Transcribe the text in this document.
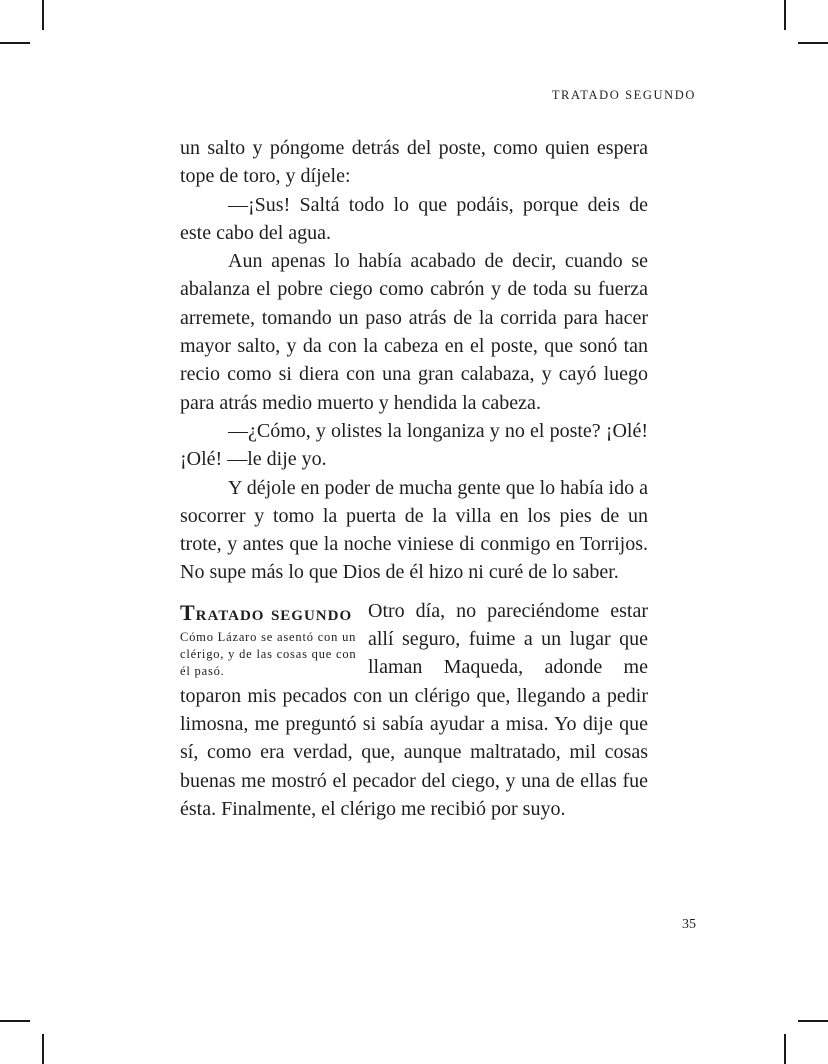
TRATADO SEGUNDO

un salto y póngome detrás del poste, como quien espera tope de toro, y díjele:

—¡Sus! Saltá todo lo que podáis, porque deis de este cabo del agua.

Aun apenas lo había acabado de decir, cuando se abalanza el pobre ciego como cabrón y de toda su fuerza arremete, tomando un paso atrás de la corrida para hacer mayor salto, y da con la cabeza en el poste, que sonó tan recio como si diera con una gran calabaza, y cayó luego para atrás medio muerto y hendida la cabeza.

—¿Cómo, y olistes la longaniza y no el poste? ¡Olé! ¡Olé! —le dije yo.

Y déjole en poder de mucha gente que lo había ido a socorrer y tomo la puerta de la villa en los pies de un trote, y antes que la noche viniese di conmigo en Torrijos. No supe más lo que Dios de él hizo ni curé de lo saber.

Tratado segundo
Cómo Lázaro se asentó con un clérigo, y de las cosas que con él pasó.

Otro día, no pareciéndome estar allí seguro, fuime a un lugar que llaman Maqueda, adonde me toparon mis pecados con un clérigo que, llegando a pedir limosna, me preguntó si sabía ayudar a misa. Yo dije que sí, como era verdad, que, aunque maltratado, mil cosas buenas me mostró el pecador del ciego, y una de ellas fue ésta. Finalmente, el clérigo me recibió por suyo.

35
